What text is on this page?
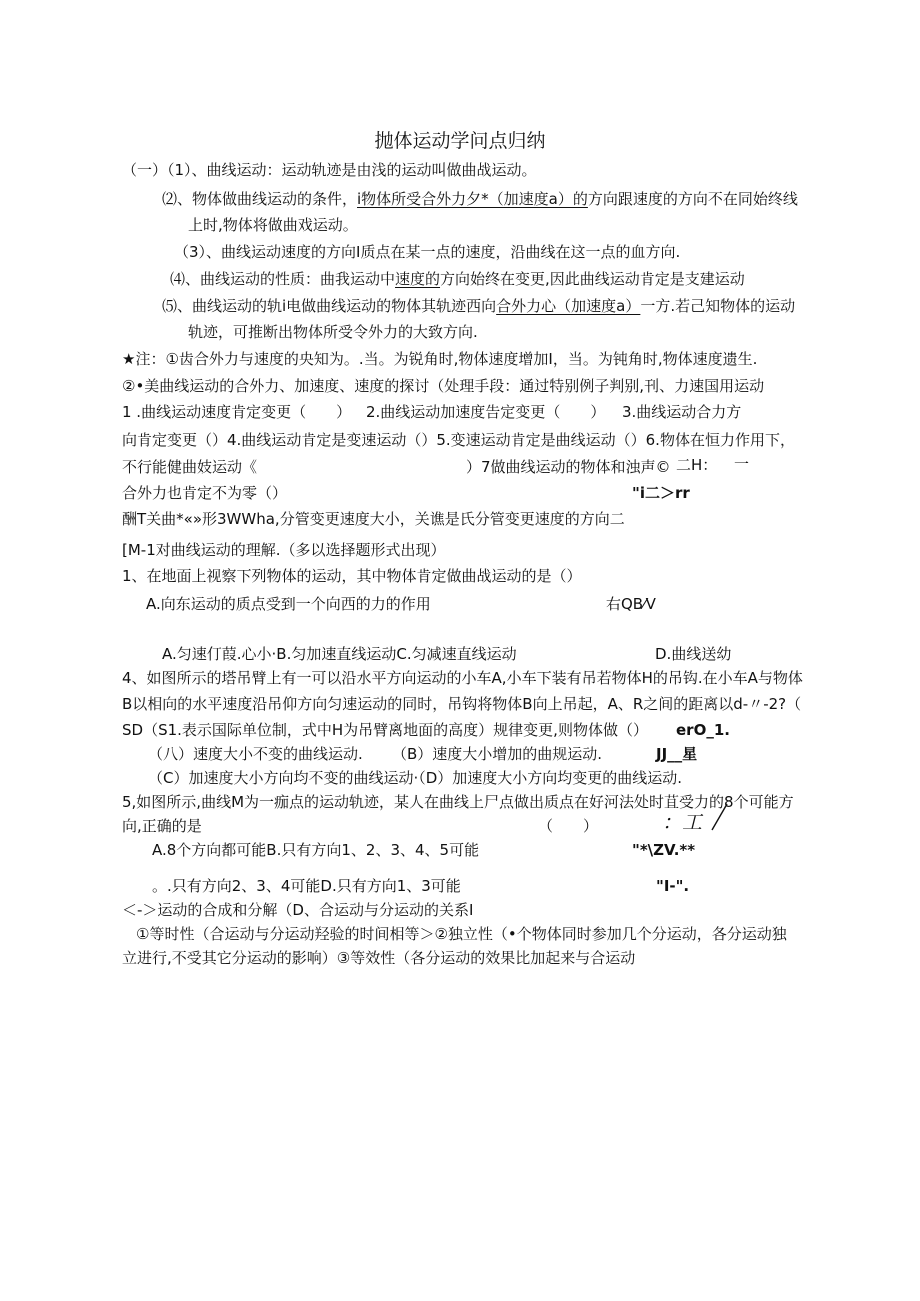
抛体运动学问点归纳
（一）（1）、曲线运动：运动轨迹是由浅的运动叫做曲战运动。
⑵、物体做曲线运动的条件，i物体所受合外力夕*（加速度a）的方向跟速度的方向不在同始终线
上时,物体将做曲戏运动。
（3）、曲线运动速度的方向I质点在某一点的速度，沿曲线在这一点的血方向.
⑷、曲线运动的性质：曲我运动中速度的方向始终在变更,因此曲线运动肯定是支建运动
⑸、曲线运动的轨i电做曲线运动的物体其轨迹西向合外力心（加速度a）一方.若己知物体的运动
轨迹，可推断出物体所受令外力的大致方向.
★注：①齿合外力与速度的央知为。.当。为锐角时,物体速度增加I，当。为钝角时,物体速度遗生.
②•美曲线运动的合外力、加速度、速度的探讨（处理手段：通过特别例子判别,刊、力速国用运动
1 .曲线运动速度肯定变更（　　） 2.曲线运动加速度告定变更（　　） 3.曲线运动合力方
向肯定变更（）4.曲线运动肯定是变速运动（）5.变速运动肯定是曲线运动（）6.物体在恒力作用下，
不行能健曲妓运动《	）7做曲线运动的物体和浊声© 二H： 一
合外力也肯定不为零（）	"i二＞rr
酬T关曲*«»形3WWha,分管变更速度大小，关谯是氏分管变更速度的方向二
[M-1对曲线运动的理解.（多以选择题形式出现）
1、在地面上视察下列物体的运动，其中物体肯定做曲战运动的是（）
A.向东运动的质点受到一个向西的力的作用	右QB⁄V
A.匀速仃葭.心小·B.匀加速直线运动C.匀减速直线运动	D.曲线送幼
4、如图所示的塔吊臂上有一可以沿水平方向运动的小车A,小车下装有吊若物体H的吊钩.在小车A与物体
B以相向的水平速度沿吊仰方向匀速运动的同时，吊钩将物体B向上吊起，A、R之间的距离以d-〃-2?（
SD（S1.表示国际单位制，式中H为吊臂离地面的高度）规律变更,则物体做（） erO_1.
（八）速度大小不变的曲线运动. （B）速度大小增加的曲规运动.	JJ__星
（C）加速度大小方向均不变的曲线运动·（D）加速度大小方向均变更的曲线运动.
5,如图所示,曲线M为一痂点的运动轨迹，某人在曲线上尸点做出质点在好河法处时苴受力的8个可能方
向,正确的是	（　　）	：工
A.8个方向都可能B.只有方向1、2、3、4、5可能	"*\ZV.**
。.只有方向2、3、4可能D.只有方向1、3可能	"I-".
＜-＞运动的合成和分解（D、合运动与分运动的关系I
①等时性（合运动与分运动羟验的时间相等＞②独立性（•个物体同时参加几个分运动，各分运动独
立进行,不受其它分运动的影响）③等效性（各分运动的效果比加起来与合运动
